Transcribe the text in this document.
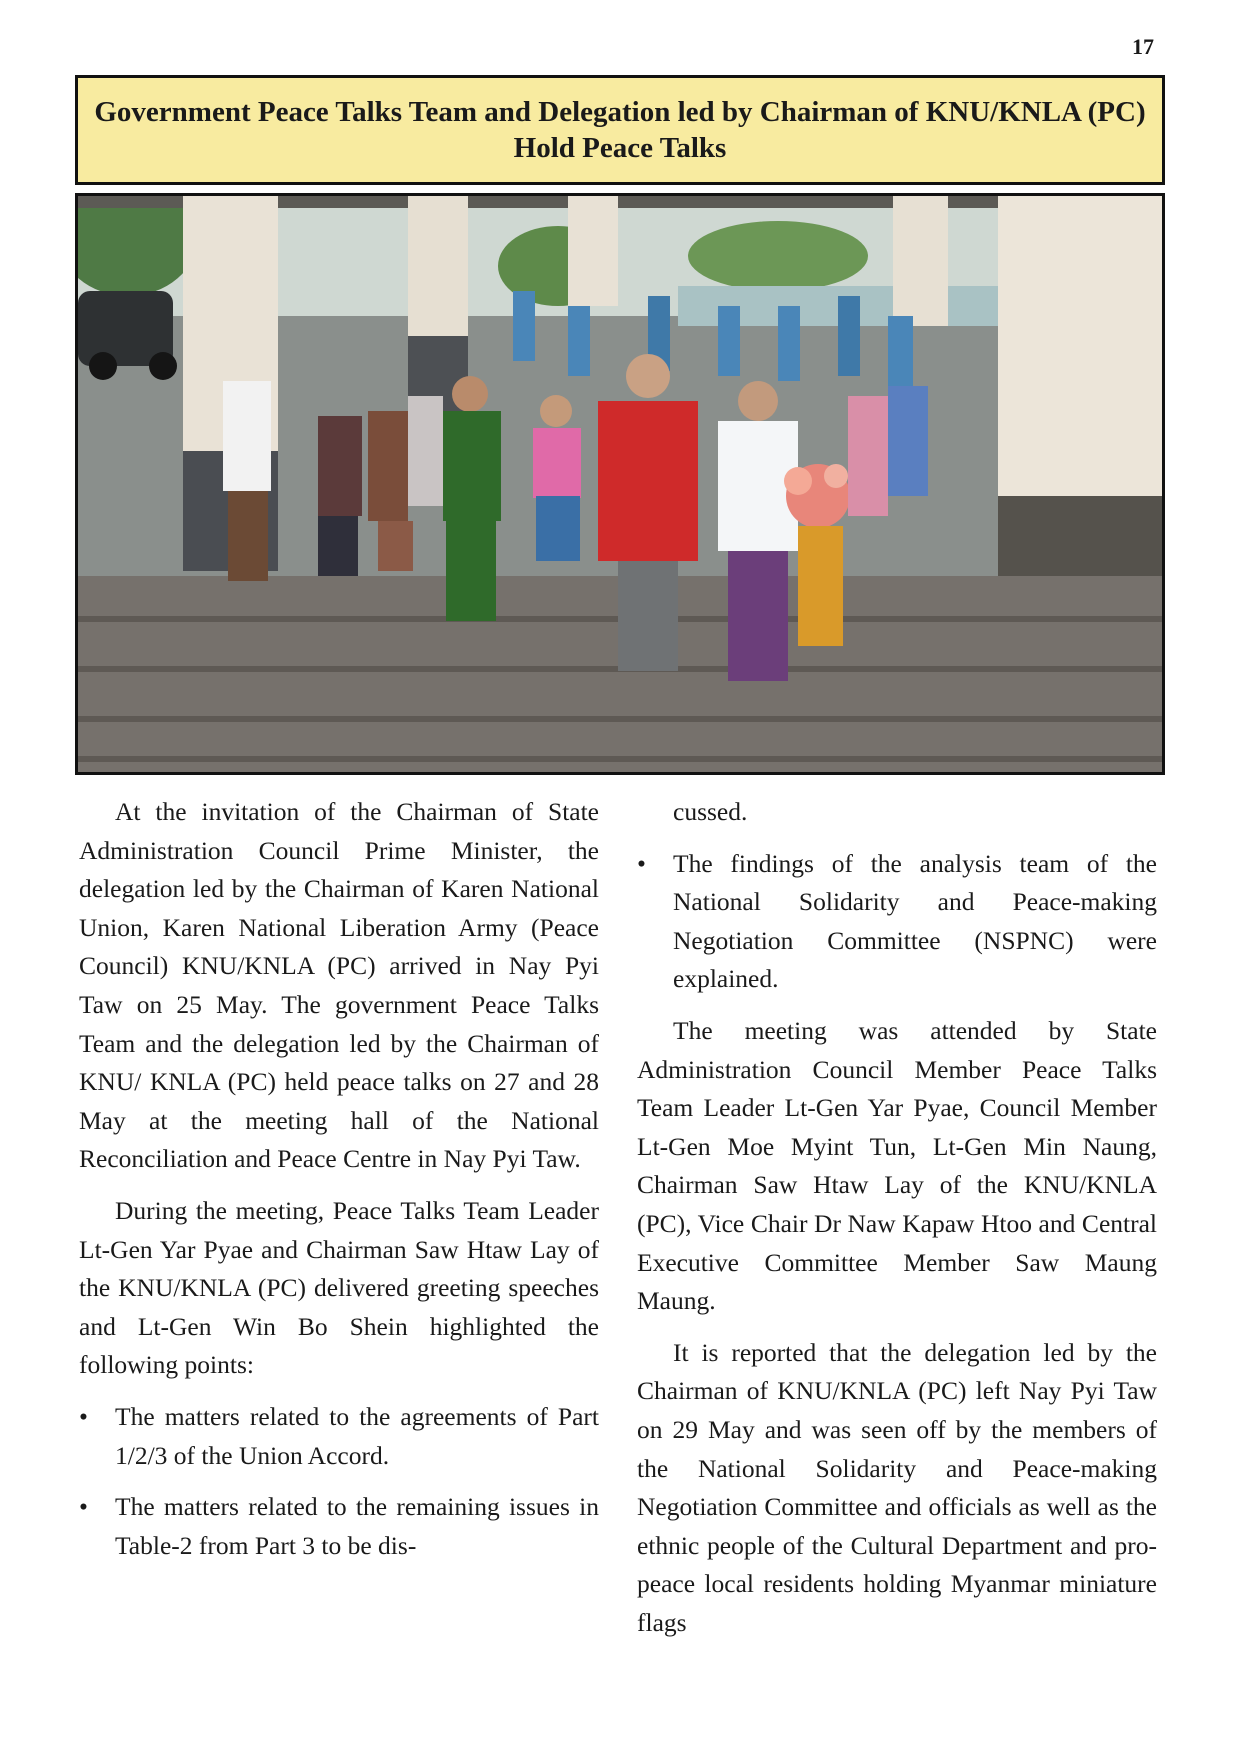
17
Government Peace Talks Team and Delegation led by Chairman of KNU/KNLA (PC) Hold Peace Talks

At the invitation of the Chairman of State Administration Council Prime Minister, the delegation led by the Chairman of Karen National Union, Karen National Liberation Army (Peace Council) KNU/KNLA (PC) arrived in Nay Pyi Taw on 25 May. The government Peace Talks Team and the delegation led by the Chairman of KNU/ KNLA (PC) held peace talks on 27 and 28 May at the meeting hall of the National Reconciliation and Peace Centre in Nay Pyi Taw.

During the meeting, Peace Talks Team Leader Lt-Gen Yar Pyae and Chairman Saw Htaw Lay of the KNU/KNLA (PC) delivered greeting speeches and Lt-Gen Win Bo Shein highlighted the following points:

• The matters related to the agreements of Part 1/2/3 of the Union Accord.
• The matters related to the remaining issues in Table-2 from Part 3 to be dis-

cussed.

• The findings of the analysis team of the National Solidarity and Peace-making Negotiation Committee (NSPNC) were explained.

The meeting was attended by State Administration Council Member Peace Talks Team Leader Lt-Gen Yar Pyae, Council Member Lt-Gen Moe Myint Tun, Lt-Gen Min Naung, Chairman Saw Htaw Lay of the KNU/KNLA (PC), Vice Chair Dr Naw Kapaw Htoo and Central Executive Committee Member Saw Maung Maung.

It is reported that the delegation led by the Chairman of KNU/KNLA (PC) left Nay Pyi Taw on 29 May and was seen off by the members of the National Solidarity and Peace-making Negotiation Committee and officials as well as the ethnic people of the Cultural Department and pro-peace local residents holding Myanmar miniature flags
